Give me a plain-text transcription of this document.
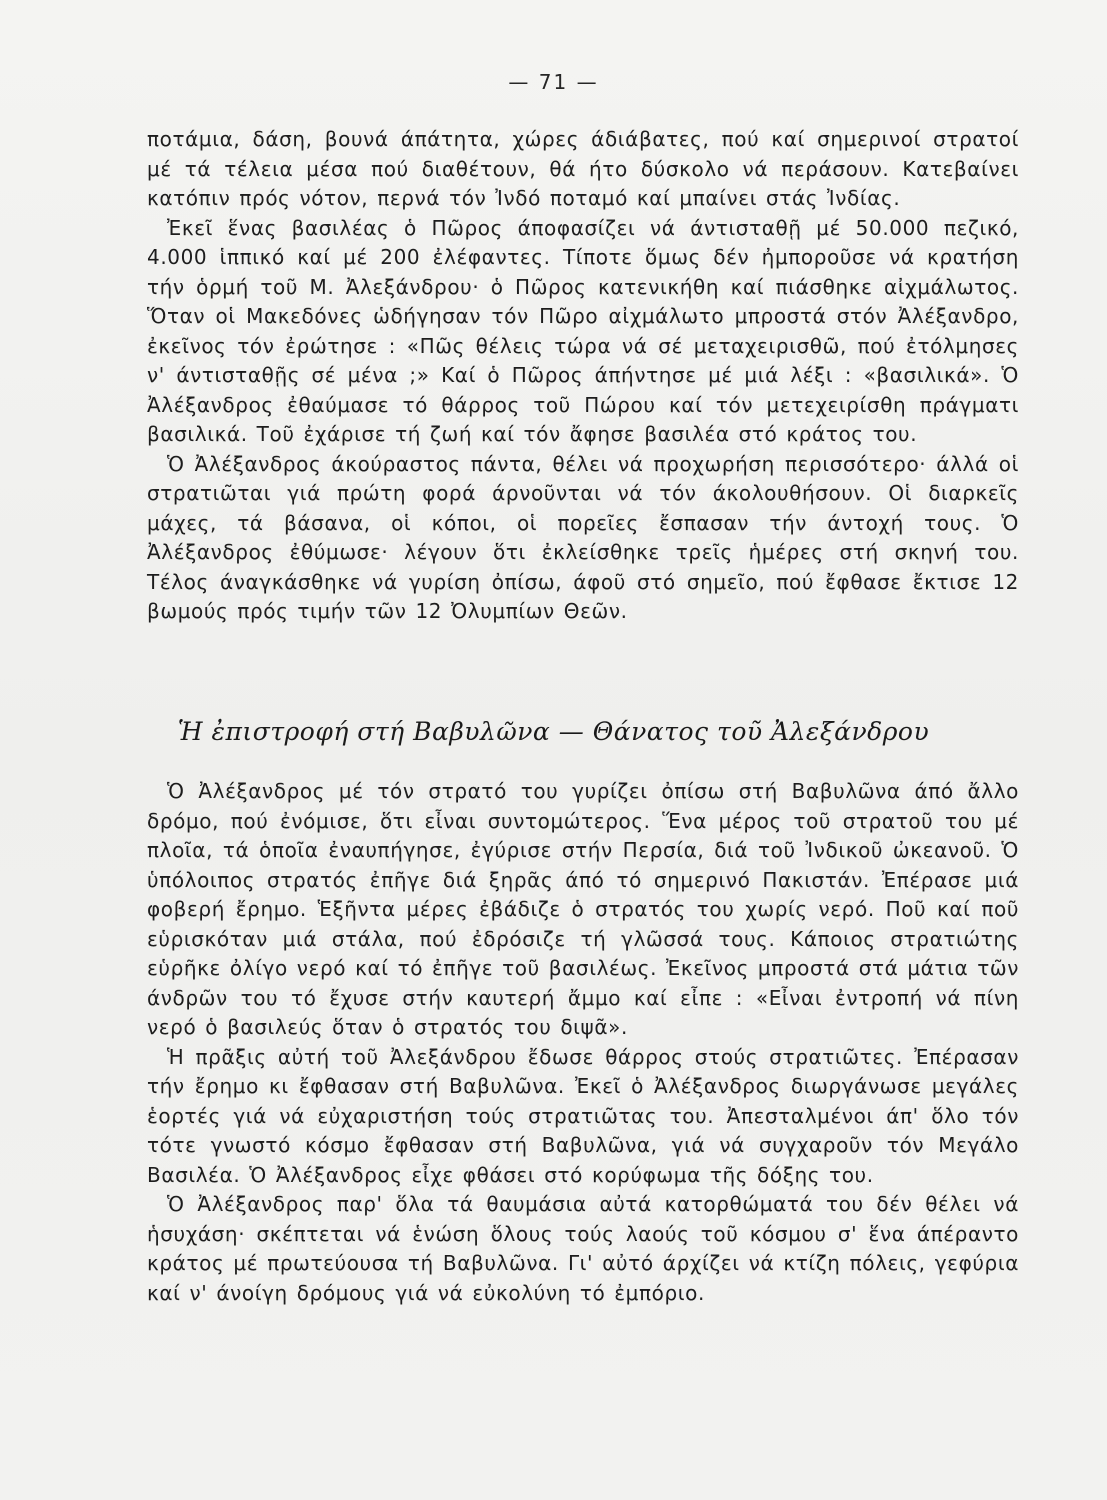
— 71 —

ποτάμια, δάση, βουνά άπάτητα, χώρες άδιάβατες, πού καί σημερινοί στρατοί μέ τά τέλεια μέσα πού διαθέτουν, θά ήτο δύσκολο νά περάσουν. Κατεβαίνει κατόπιν πρός νότον, περνά τόν Ἰνδό ποταμό καί μπαίνει στάς Ἰνδίας.

Ἐκεῖ ἕνας βασιλέας ὁ Πῶρος άποφασίζει νά άντισταθῇ μέ 50.000 πεζικό, 4.000 ἱππικό καί μέ 200 ἐλέφαντες. Τίποτε ὅμως δέν ἠμποροῦσε νά κρατήση τήν ὁρμή τοῦ Μ. Ἀλεξάνδρου· ὁ Πῶρος κατενικήθη καί πιάσθηκε αἰχμάλωτος. Ὅταν οἱ Μακεδόνες ὡδήγησαν τόν Πῶρο αἰχμάλωτο μπροστά στόν Ἀλέξανδρο, ἐκεῖνος τόν ἐρώτησε : «Πῶς θέλεις τώρα νά σέ μεταχειρισθῶ, πού ἐτόλμησες ν' άντισταθῇς σέ μένα ;» Καί ὁ Πῶρος άπήντησε μέ μιά λέξι : «βασιλικά». Ὁ Ἀλέξανδρος ἐθαύμασε τό θάρρος τοῦ Πώρου καί τόν μετεχειρίσθη πράγματι βασιλικά. Τοῦ ἐχάρισε τή ζωή καί τόν ἄφησε βασιλέα στό κράτος του.

Ὁ Ἀλέξανδρος άκούραστος πάντα, θέλει νά προχωρήση περισσότερο· άλλά οἱ στρατιῶται γιά πρώτη φορά άρνοῦνται νά τόν άκολουθήσουν. Οἱ διαρκεῖς μάχες, τά βάσανα, οἱ κόποι, οἱ πορεῖες ἔσπασαν τήν άντοχή τους. Ὁ Ἀλέξανδρος ἐθύμωσε· λέγουν ὅτι ἐκλείσθηκε τρεῖς ἡμέρες στή σκηνή του. Τέλος άναγκάσθηκε νά γυρίση ὀπίσω, άφοῦ στό σημεῖο, πού ἔφθασε ἔκτισε 12 βωμούς πρός τιμήν τῶν 12 Ὀλυμπίων Θεῶν.

Ἡ ἐπιστροφή στή Βαβυλῶνα — Θάνατος τοῦ Ἀλεξάνδρου

Ὁ Ἀλέξανδρος μέ τόν στρατό του γυρίζει ὀπίσω στή Βαβυλῶνα άπό ἄλλο δρόμο, πού ἐνόμισε, ὅτι εἶναι συντομώτερος. Ἕνα μέρος τοῦ στρατοῦ του μέ πλοῖα, τά ὁποῖα ἐναυπήγησε, ἐγύρισε στήν Περσία, διά τοῦ Ἰνδικοῦ ὠκεανοῦ. Ὁ ὑπόλοιπος στρατός ἐπῆγε διά ξηρᾶς άπό τό σημερινό Πακιστάν. Ἐπέρασε μιά φοβερή ἔρημο. Ἑξῆντα μέρες ἐβάδιζε ὁ στρατός του χωρίς νερό. Ποῦ καί ποῦ εὑρισκόταν μιά στάλα, πού ἐδρόσιζε τή γλῶσσά τους. Κάποιος στρατιώτης εὑρῆκε ὀλίγο νερό καί τό ἐπῆγε τοῦ βασιλέως. Ἐκεῖνος μπροστά στά μάτια τῶν άνδρῶν του τό ἔχυσε στήν καυτερή ἄμμο καί εἶπε : «Εἶναι ἐντροπή νά πίνη νερό ὁ βασιλεύς ὅταν ὁ στρατός του διψᾶ».

Ἡ πρᾶξις αὐτή τοῦ Ἀλεξάνδρου ἔδωσε θάρρος στούς στρατιῶτες. Ἐπέρασαν τήν ἔρημο κι ἔφθασαν στή Βαβυλῶνα. Ἐκεῖ ὁ Ἀλέξανδρος διωργάνωσε μεγάλες ἑορτές γιά νά εὐχαριστήση τούς στρατιῶτας του. Ἀπεσταλμένοι άπ' ὅλο τόν τότε γνωστό κόσμο ἔφθασαν στή Βαβυλῶνα, γιά νά συγχαροῦν τόν Μεγάλο Βασιλέα. Ὁ Ἀλέξανδρος εἶχε φθάσει στό κορύφωμα τῆς δόξης του.

Ὁ Ἀλέξανδρος παρ' ὅλα τά θαυμάσια αὐτά κατορθώματά του δέν θέλει νά ἡσυχάση· σκέπτεται νά ἑνώση ὅλους τούς λαούς τοῦ κόσμου σ' ἕνα άπέραντο κράτος μέ πρωτεύουσα τή Βαβυλῶνα. Γι' αὐτό άρχίζει νά κτίζη πόλεις, γεφύρια καί ν' άνοίγη δρόμους γιά νά εὐκολύνη τό ἐμπόριο.
